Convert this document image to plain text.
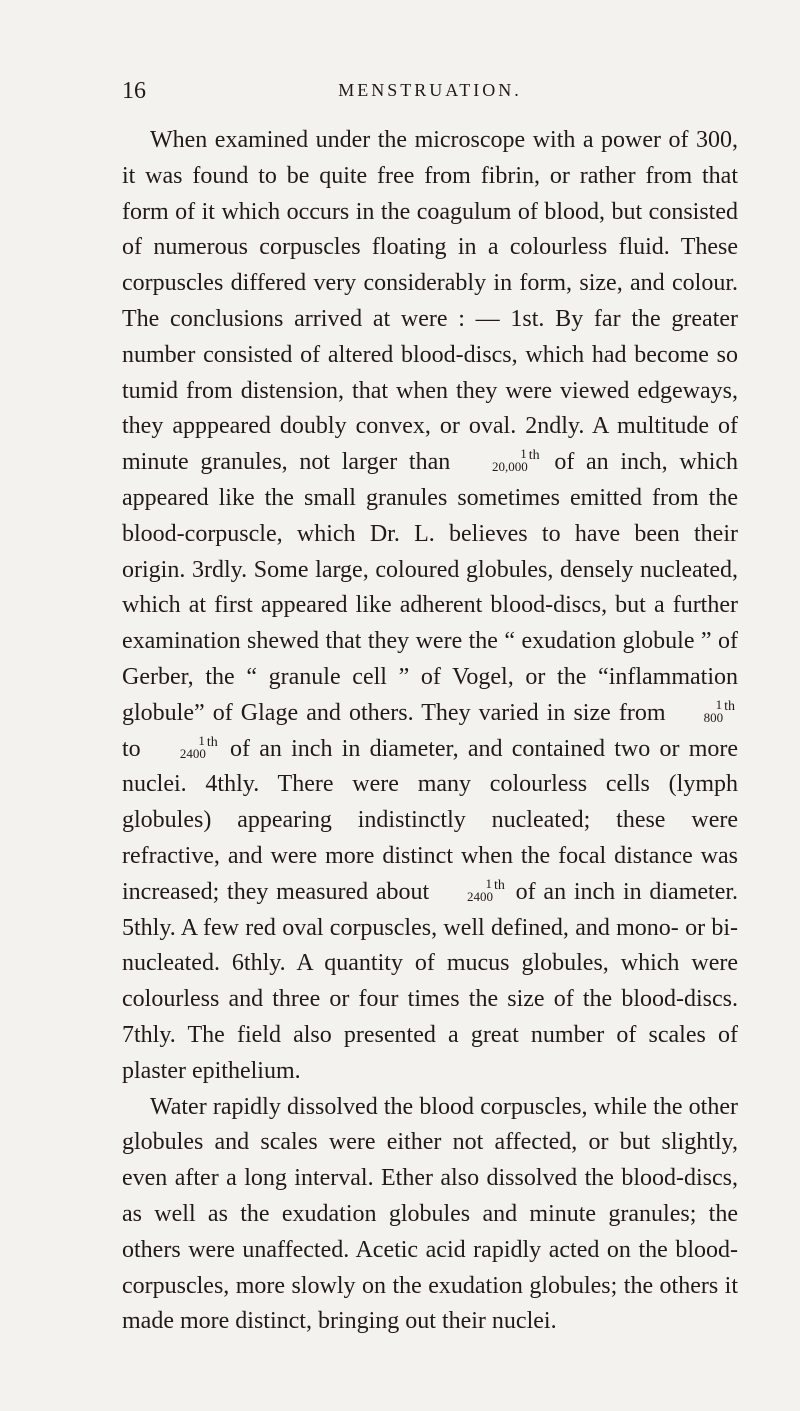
16	MENSTRUATION.

When examined under the microscope with a power of 300, it was found to be quite free from fibrin, or rather from that form of it which occurs in the coagulum of blood, but consisted of numerous corpuscles floating in a colourless fluid. These corpuscles differed very considerably in form, size, and colour. The conclusions arrived at were : — 1st. By far the greater number consisted of altered blood-discs, which had become so tumid from distension, that when they were viewed edgeways, they apppeared doubly convex, or oval. 2ndly. A multitude of minute granules, not larger than	1
20,000
$^{th}$ of an inch, which appeared like the small granules sometimes emitted from the blood-corpuscle, which Dr. L. believes to have been their origin. 3rdly. Some large, coloured globules, densely nucleated, which at first appeared like adherent blood-discs, but a further examination shewed that they were the “ exudation globule ” of Gerber, the “ granule cell ” of Vogel, or the “inflammation globule” of Glage and others. They varied in size from	1
800
$^{th}$ to	1
2400
$^{th}$ of an inch in diameter, and contained two or more nuclei. 4thly. There were many colourless cells (lymph globules) appearing indistinctly nucleated; these were refractive, and were more distinct when the focal distance was increased; they measured about	1
2400
$^{th}$ of an inch in diameter. 5thly. A few red oval corpuscles, well defined, and mono- or bi-nucleated. 6thly. A quantity of mucus globules, which were colourless and three or four times the size of the blood-discs. 7thly. The field also presented a great number of scales of plaster epithelium.

Water rapidly dissolved the blood corpuscles, while the other globules and scales were either not affected, or but slightly, even after a long interval. Ether also dissolved the blood-discs, as well as the exudation globules and minute granules; the others were unaffected. Acetic acid rapidly acted on the blood-corpuscles, more slowly on the exudation globules; the others it made more distinct, bringing out their nuclei.
